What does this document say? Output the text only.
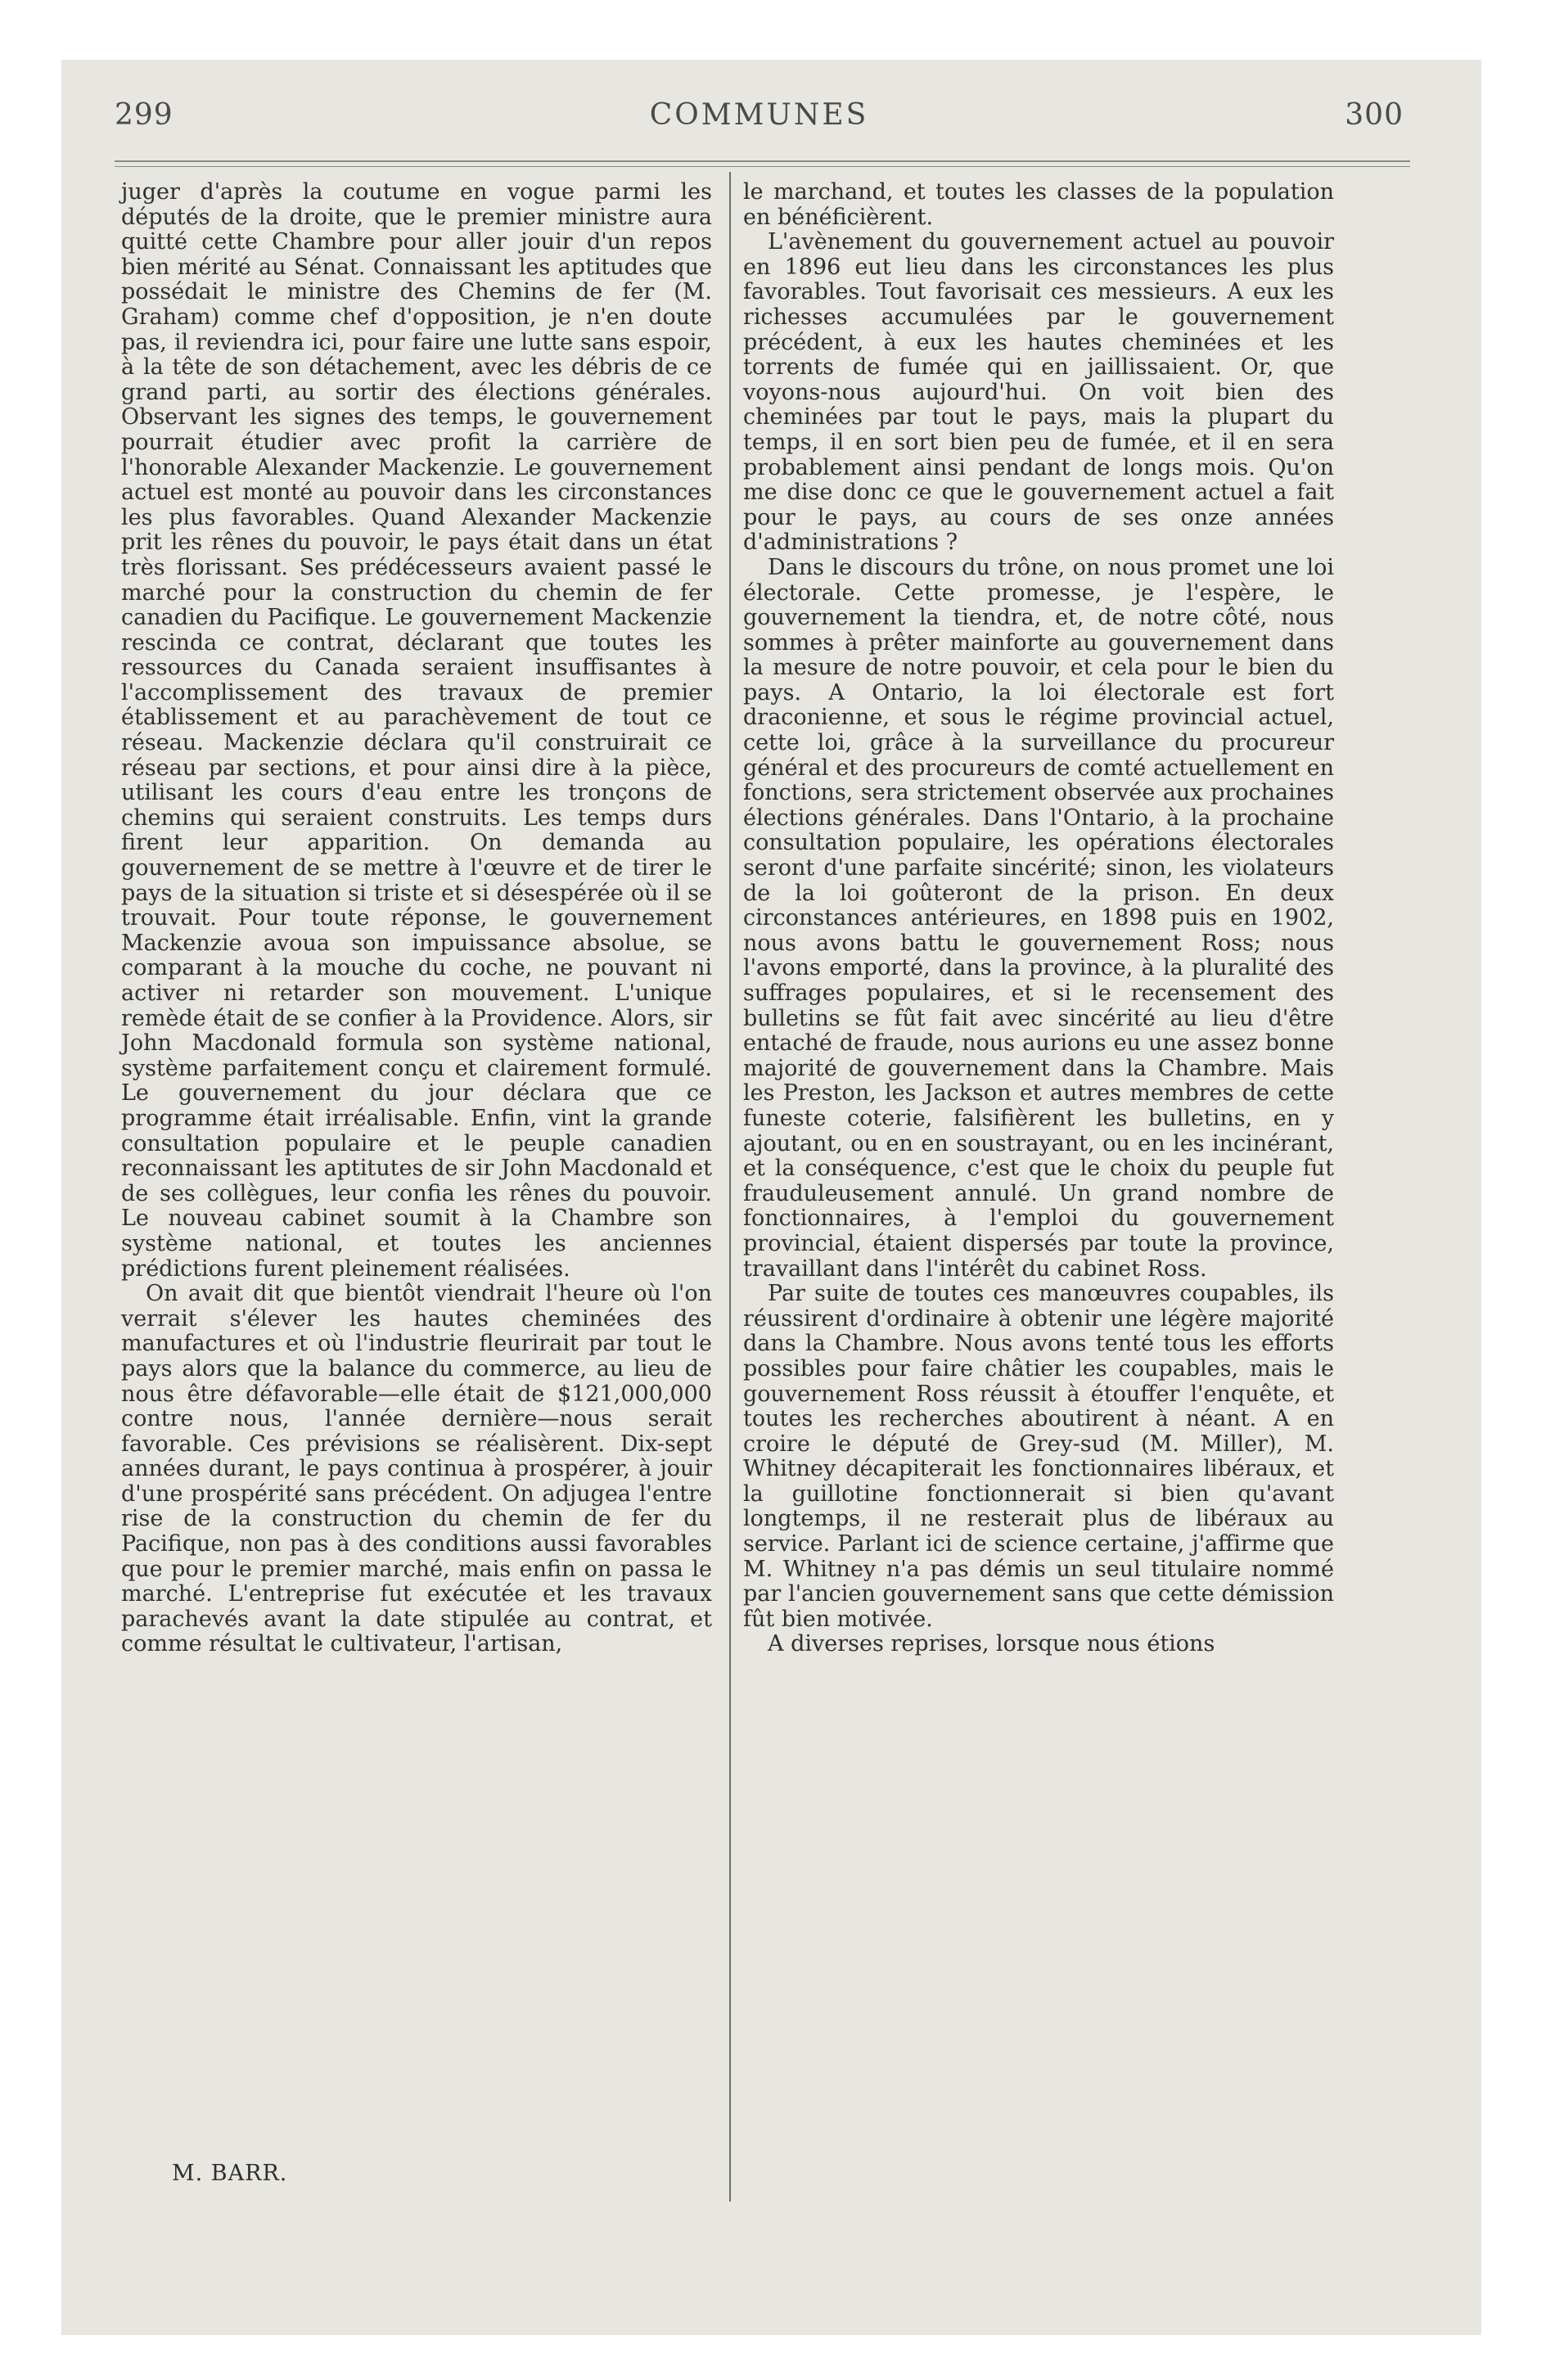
299	COMMUNES	300

juger d'après la coutume en vogue parmi les députés de la droite, que le premier ministre aura quitté cette Chambre pour aller jouir d'un repos bien mérité au Sénat. Connaissant les aptitudes que possédait le ministre des Chemins de fer (M. Graham) comme chef d'opposition, je n'en doute pas, il reviendra ici, pour faire une lutte sans espoir, à la tête de son détachement, avec les débris de ce grand parti, au sortir des élections générales. Observant les signes des temps, le gouvernement pourrait étudier avec profit la carrière de l'honorable Alexander Mackenzie. Le gouvernement actuel est monté au pouvoir dans les circonstances les plus favorables. Quand Alexander Mackenzie prit les rênes du pouvoir, le pays était dans un état très florissant. Ses prédécesseurs avaient passé le marché pour la construction du chemin de fer canadien du Pacifique. Le gouvernement Mackenzie rescinda ce contrat, déclarant que toutes les ressources du Canada seraient insuffisantes à l'accomplissement des travaux de premier établissement et au parachèvement de tout ce réseau. Mackenzie déclara qu'il construirait ce réseau par sections, et pour ainsi dire à la pièce, utilisant les cours d'eau entre les tronçons de chemins qui seraient construits. Les temps durs firent leur apparition. On demanda au gouvernement de se mettre à l'œuvre et de tirer le pays de la situation si triste et si désespérée où il se trouvait. Pour toute réponse, le gouvernement Mackenzie avoua son impuissance absolue, se comparant à la mouche du coche, ne pouvant ni activer ni retarder son mouvement. L'unique remède était de se confier à la Providence. Alors, sir John Macdonald formula son système national, système parfaitement conçu et clairement formulé. Le gouvernement du jour déclara que ce programme était irréalisable. Enfin, vint la grande consultation populaire et le peuple canadien reconnaissant les aptitutes de sir John Macdonald et de ses collègues, leur confia les rênes du pouvoir. Le nouveau cabinet soumit à la Chambre son système national, et toutes les anciennes prédictions furent pleinement réalisées.

On avait dit que bientôt viendrait l'heure où l'on verrait s'élever les hautes cheminées des manufactures et où l'industrie fleurirait par tout le pays alors que la balance du commerce, au lieu de nous être défavorable—elle était de $121,000,000 contre nous, l'année dernière—nous serait favorable. Ces prévisions se réalisèrent. Dix-sept années durant, le pays continua à prospérer, à jouir d'une prospérité sans précédent. On adjugea l'entre rise de la construction du chemin de fer du Pacifique, non pas à des conditions aussi favorables que pour le premier marché, mais enfin on passa le marché. L'entreprise fut exécutée et les travaux parachevés avant la date stipulée au contrat, et comme résultat le cultivateur, l'artisan,

M. BARR.

le marchand, et toutes les classes de la population en bénéficièrent.

L'avènement du gouvernement actuel au pouvoir en 1896 eut lieu dans les circonstances les plus favorables. Tout favorisait ces messieurs. A eux les richesses accumulées par le gouvernement précédent, à eux les hautes cheminées et les torrents de fumée qui en jaillissaient. Or, que voyons-nous aujourd'hui. On voit bien des cheminées par tout le pays, mais la plupart du temps, il en sort bien peu de fumée, et il en sera probablement ainsi pendant de longs mois. Qu'on me dise donc ce que le gouvernement actuel a fait pour le pays, au cours de ses onze années d'administrations ?

Dans le discours du trône, on nous promet une loi électorale. Cette promesse, je l'espère, le gouvernement la tiendra, et, de notre côté, nous sommes à prêter mainforte au gouvernement dans la mesure de notre pouvoir, et cela pour le bien du pays. A Ontario, la loi électorale est fort draconienne, et sous le régime provincial actuel, cette loi, grâce à la surveillance du procureur général et des procureurs de comté actuellement en fonctions, sera strictement observée aux prochaines élections générales. Dans l'Ontario, à la prochaine consultation populaire, les opérations électorales seront d'une parfaite sincérité; sinon, les violateurs de la loi goûteront de la prison. En deux circonstances antérieures, en 1898 puis en 1902, nous avons battu le gouvernement Ross; nous l'avons emporté, dans la province, à la pluralité des suffrages populaires, et si le recensement des bulletins se fût fait avec sincérité au lieu d'être entaché de fraude, nous aurions eu une assez bonne majorité de gouvernement dans la Chambre. Mais les Preston, les Jackson et autres membres de cette funeste coterie, falsifièrent les bulletins, en y ajoutant, ou en en soustrayant, ou en les incinérant, et la conséquence, c'est que le choix du peuple fut frauduleusement annulé. Un grand nombre de fonctionnaires, à l'emploi du gouvernement provincial, étaient dispersés par toute la province, travaillant dans l'intérêt du cabinet Ross.

Par suite de toutes ces manœuvres coupables, ils réussirent d'ordinaire à obtenir une légère majorité dans la Chambre. Nous avons tenté tous les efforts possibles pour faire châtier les coupables, mais le gouvernement Ross réussit à étouffer l'enquête, et toutes les recherches aboutirent à néant. A en croire le député de Grey-sud (M. Miller), M. Whitney décapiterait les fonctionnaires libéraux, et la guillotine fonctionnerait si bien qu'avant longtemps, il ne resterait plus de libéraux au service. Parlant ici de science certaine, j'affirme que M. Whitney n'a pas démis un seul titulaire nommé par l'ancien gouvernement sans que cette démission fût bien motivée.

A diverses reprises, lorsque nous étions
